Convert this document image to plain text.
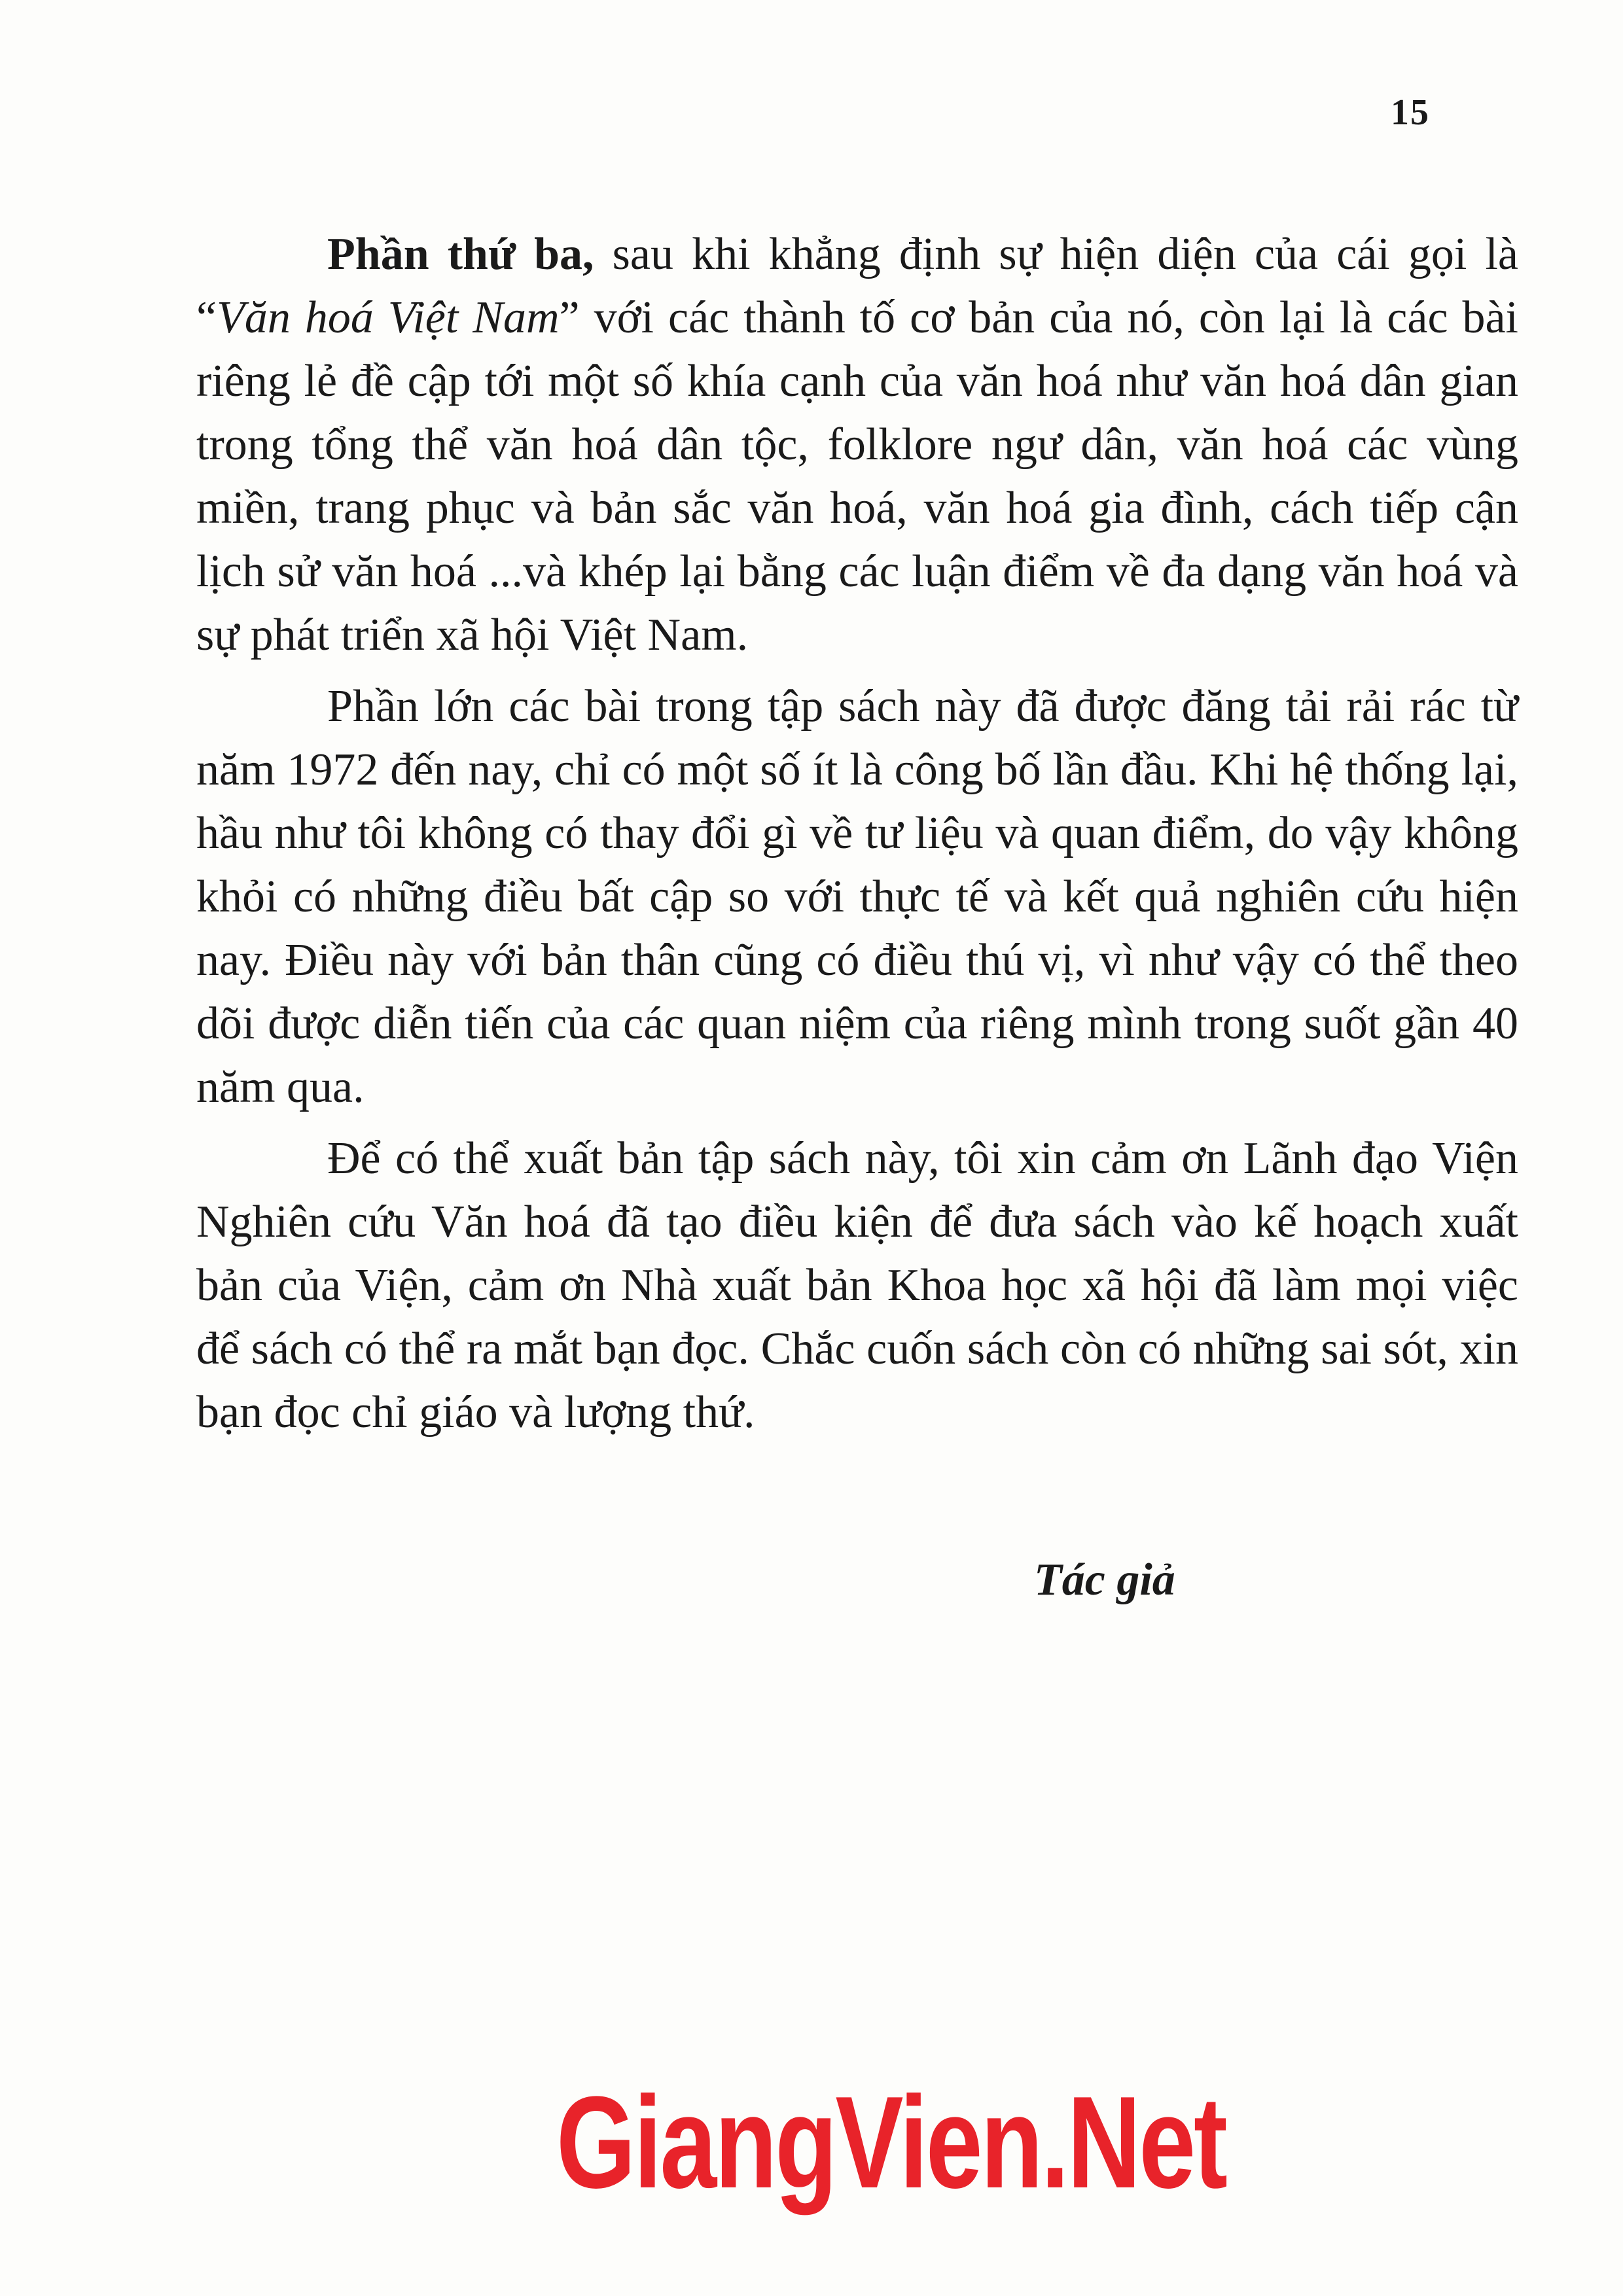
15

Phần thứ ba, sau khi khẳng định sự hiện diện của cái gọi là “Văn hoá Việt Nam” với các thành tố cơ bản của nó, còn lại là các bài riêng lẻ đề cập tới một số khía cạnh của văn hoá như văn hoá dân gian trong tổng thể văn hoá dân tộc, folklore ngư dân, văn hoá các vùng miền, trang phục và bản sắc văn hoá, văn hoá gia đình, cách tiếp cận lịch sử văn hoá ...và khép lại bằng các luận điểm về đa dạng văn hoá và sự phát triển xã hội Việt Nam.

Phần lớn các bài trong tập sách này đã được đăng tải rải rác từ năm 1972 đến nay, chỉ có một số ít là công bố lần đầu. Khi hệ thống lại, hầu như tôi không có thay đổi gì về tư liệu và quan điểm, do vậy không khỏi có những điều bất cập so với thực tế và kết quả nghiên cứu hiện nay. Điều này với bản thân cũng có điều thú vị, vì như vậy có thể theo dõi được diễn tiến của các quan niệm của riêng mình trong suốt gần 40 năm qua.

Để có thể xuất bản tập sách này, tôi xin cảm ơn Lãnh đạo Viện Nghiên cứu Văn hoá đã tạo điều kiện để đưa sách vào kế hoạch xuất bản của Viện, cảm ơn Nhà xuất bản Khoa học xã hội đã làm mọi việc để sách có thể ra mắt bạn đọc. Chắc cuốn sách còn có những sai sót, xin bạn đọc chỉ giáo và lượng thứ.

Tác giả
GiangVien.Net
